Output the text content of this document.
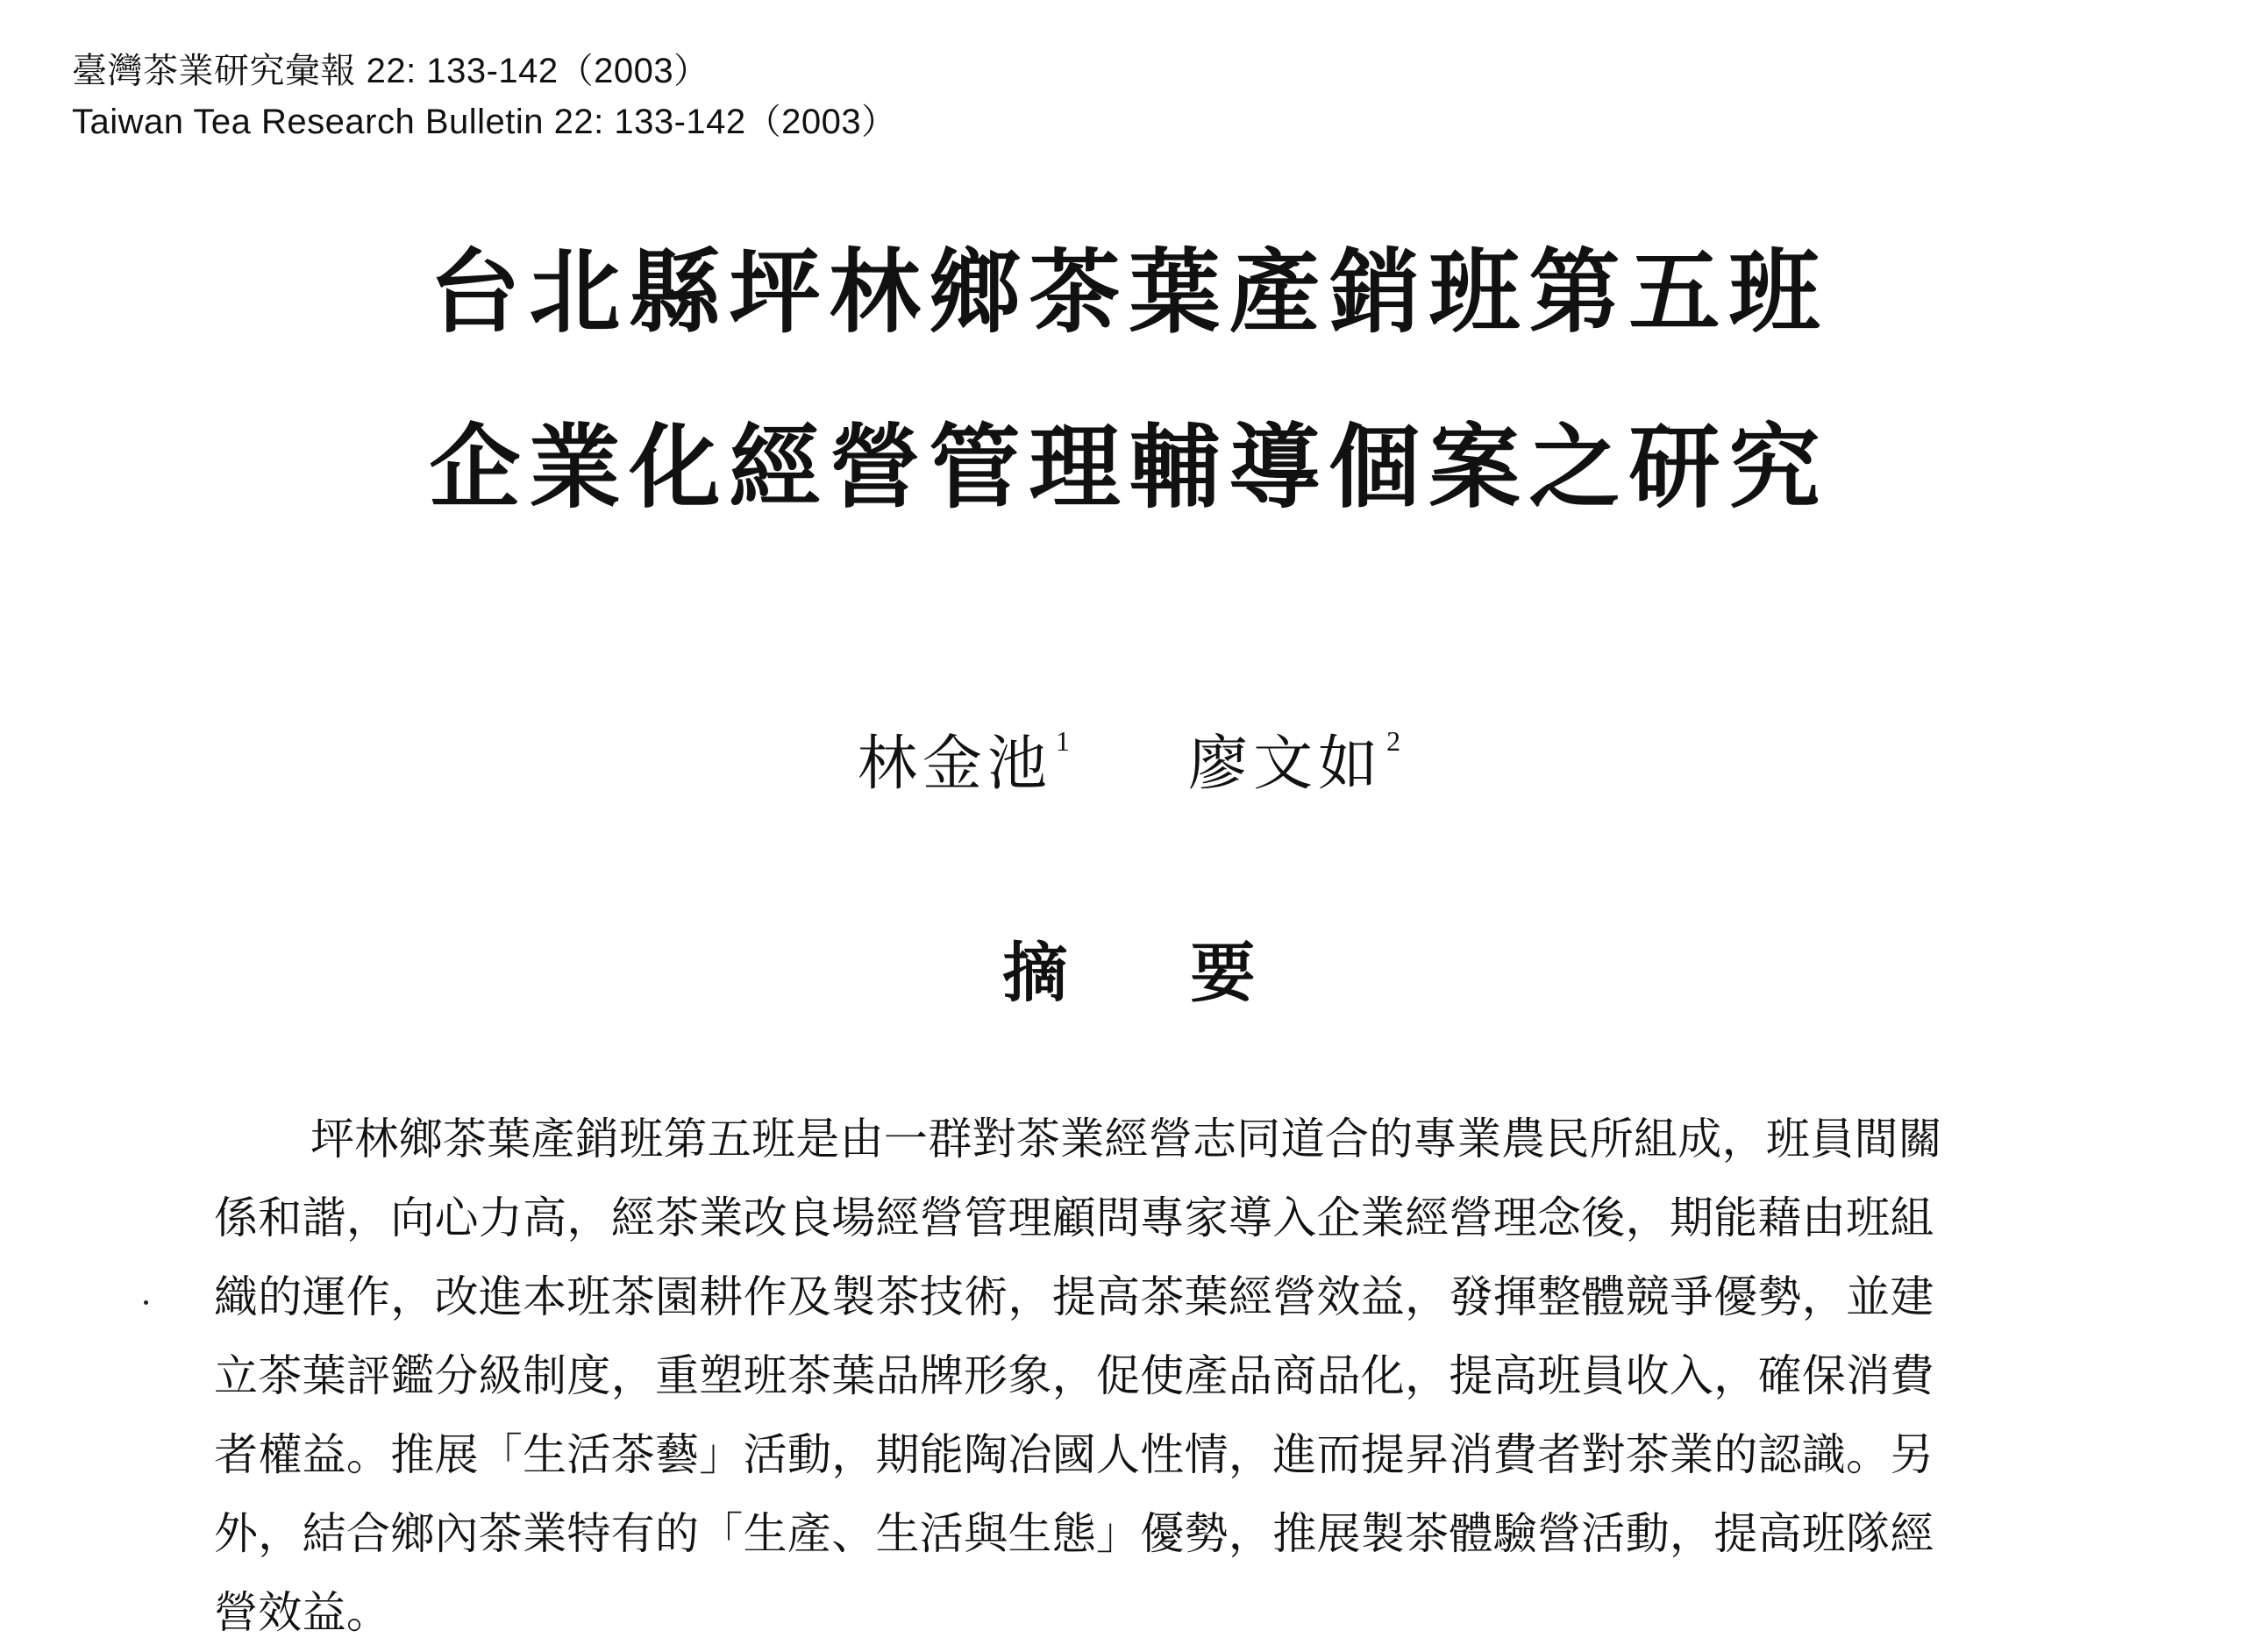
臺灣茶業研究彙報 22: 133-142（2003）
Taiwan Tea Research Bulletin 22: 133-142（2003）
台北縣坪林鄉茶葉產銷班第五班
企業化經營管理輔導個案之研究
林金池 $^1$ 廖文如 $^2$
摘 要
坪林鄉茶葉產銷班第五班是由一群對茶業經營志同道合的專業農民所組成，班員間關
係和諧，向心力高，經茶業改良場經營管理顧問專家導入企業經營理念後，期能藉由班組
織的運作，改進本班茶園耕作及製茶技術，提高茶葉經營效益，發揮整體競爭優勢，並建
立茶葉評鑑分級制度，重塑班茶葉品牌形象，促使產品商品化，提高班員收入，確保消費
者權益。推展「生活茶藝」活動，期能陶冶國人性情，進而提昇消費者對茶業的認識。另
外，結合鄉內茶業特有的「生產、生活與生態」優勢，推展製茶體驗營活動，提高班隊經
營效益。
